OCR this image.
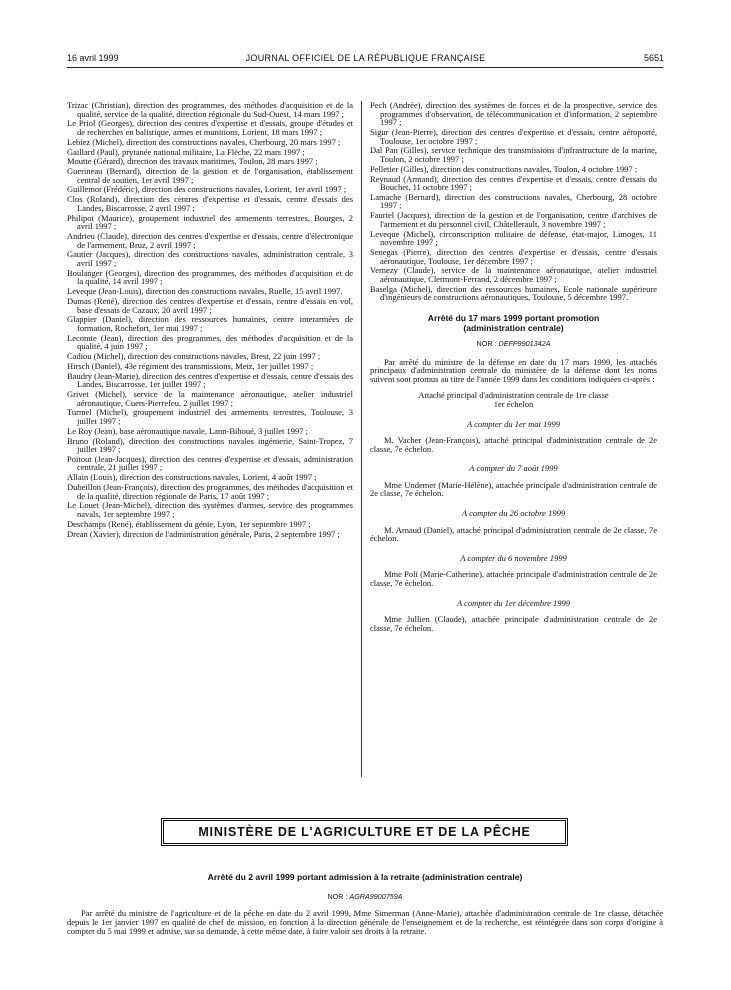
16 avril 1999	JOURNAL OFFICIEL DE LA RÉPUBLIQUE FRANÇAISE	5651

Trizac (Christian), direction des programmes, des méthodes d'acquisition et de la qualité, service de la qualité, direction régionale du Sud-Ouest, 14 mars 1997 ;

Le Priol (Georges), direction des centres d'expertise et d'essais, groupe d'études et de recherches en balistique, armes et munitions, Lorient, 18 mars 1997 ;

Lebiez (Michel), direction des constructions navales, Cherbourg, 20 mars 1997 ;

Gaillard (Paul), prytanée national militaire, La Flèche, 22 mars 1997 ;

Moutte (Gérard), direction des travaux maritimes, Toulon, 28 mars 1997 ;

Guerineau (Bernard), direction de la gestion et de l'organisation, établissement central de soutien, 1er avril 1997 ;

Guillemot (Frédéric), direction des constructions navales, Lorient, 1er avril 1997 ;

Clos (Roland), direction des centres d'expertise et d'essais, centre d'essais des Landes, Biscarrosse, 2 avril 1997 ;

Philipot (Maurice), groupement industriel des armements terrestres, Bourges, 2 avril 1997 ;

Andrieu (Claude), direction des centres d'expertise et d'essais, centre d'électronique de l'armement, Bruz, 2 avril 1997 ;

Gautier (Jacques), direction des constructions navales, administration centrale, 3 avril 1997 ;

Boulanger (Georges), direction des programmes, des méthodes d'acquisition et de la qualité, 14 avril 1997 ;

Leveque (Jean-Louis), direction des constructions navales, Ruelle, 15 avril 1997.

Dumas (René), direction des centres d'expertise et d'essais, centre d'essais en vol, base d'essais de Cazaux, 20 avril 1997 ;

Glappier (Daniel), direction des ressources humaines, centre interarmées de formation, Rochefort, 1er mai 1997 ;

Lecomte (Jean), direction des programmes, des méthodes d'acquisition et de la qualité, 4 juin 1997 ;

Cadiou (Michel), direction des constructions navales, Brest, 22 juin 1997 ;

Hirsch (Daniel), 43e régiment des transmissions, Metz, 1er juillet 1997 ;

Baudry (Jean-Marie), direction des centres d'expertise et d'essais, centre d'essais des Landes, Biscarrosse, 1er juillet 1997 ;

Grivet (Michel), service de la maintenance aéronautique, atelier industriel aéronautique, Cuers-Pierrefeu, 2 juillet 1997 ;

Turmel (Michel), groupement industriel des armements terrestres, Toulouse, 3 juillet 1997 ;

Le Roy (Jean), base aéronautique navale, Lann-Bihoué, 3 juillet 1997 ;

Bruno (Roland), direction des constructions navales ingénierie, Saint-Tropez, 7 juillet 1997 ;

Poitout (Jean-Jacques), direction des centres d'expertise et d'essais, administration centrale, 21 juillet 1997 ;

Allain (Louis), direction des constructions navales, Lorient, 4 août 1997 ;

Dubeillon (Jean-François), direction des programmes, des méthodes d'acquisition et de la qualité, direction régionale de Paris, 17 août 1997 ;

Le Louet (Jean-Michel), direction des systèmes d'armes, service des programmes navals, 1er septembre 1997 ;

Deschamps (René), établissement du génie, Lyon, 1er septembre 1997 ;

Drean (Xavier), direction de l'administration générale, Paris, 2 septembre 1997 ;

Pech (Andrée), direction des systèmes de forces et de la prospective, service des programmes d'observation, de télécommunication et d'information, 2 septembre 1997 ;

Sigur (Jean-Pierre), direction des centres d'expertise et d'essais, centre aéroporté, Toulouse, 1er octobre 1997 ;

Dal Pan (Gilles), service technique des transmissions d'infrastructure de la marine, Toulon, 2 octobre 1997 ;

Pelletier (Gilles), direction des constructions navales, Toulon, 4 octobre 1997 ;

Reynaud (Armand), direction des centres d'expertise et d'essais, centre d'essais du Bouchet, 11 octobre 1997 ;

Lamache (Bernard), direction des constructions navales, Cherbourg, 28 octobre 1997 ;

Fauriel (Jacques), direction de la gestion et de l'organisation, centre d'archives de l'armement et du personnel civil, Châtellerault, 3 novembre 1997 ;

Leveque (Michel), circonscription militaire de défense, état-major, Limoges, 11 novembre 1997 ;

Senegas (Pierre), direction des centres d'expertise et d'essais, centre d'essais aéronautique, Toulouse, 1er décembre 1997 ;

Vernezy (Claude), service de la maintenance aéronautique, atelier industriel aéronautique, Clermont-Ferrand, 2 décembre 1997 ;

Baselga (Michel), direction des ressources humaines, Ecole nationale supérieure d'ingénieurs de constructions aéronautiques, Toulouse, 5 décembre 1997.

Arrêté du 17 mars 1999 portant promotion
(administration centrale)
NOR : DEFP9901342A
Par arrêté du ministre de la défense en date du 17 mars 1999, les attachés principaux d'administration centrale du ministère de la défense dont les noms suivent sont promus au titre de l'année 1999 dans les conditions indiquées ci-après :
Attaché principal d'administration centrale de 1re classe
1er échelon
A compter du 1er mai 1999
M. Vacher (Jean-François), attaché principal d'administration centrale de 2e classe, 7e échelon.
A compter du 7 août 1999
Mme Undemer (Marie-Hélène), attachée principale d'administration centrale de 2e classe, 7e échelon.
A compter du 26 octobre 1999
M. Arnaud (Daniel), attaché principal d'administration centrale de 2e classe, 7e échelon.
A compter du 6 novembre 1999
Mme Poli (Marie-Catherine), attachée principale d'administration centrale de 2e classe, 7e échelon.
A compter du 1er décembre 1999
Mme Jullien (Claude), attachée principale d'administration centrale de 2e classe, 7e échelon.
MINISTÈRE DE L'AGRICULTURE ET DE LA PÊCHE
Arrêté du 2 avril 1999 portant admission à la retraite (administration centrale)
NOR : AGRA9900759A
Par arrêté du ministre de l'agriculture et de la pêche en date du 2 avril 1999, Mme Simerman (Anne-Marie), attachée d'administration centrale de 1re classe, détachée depuis le 1er janvier 1997 en qualité de chef de mission, en fonction à la direction générale de l'enseignement et de la recherche, est réintégrée dans son corps d'origine à compter du 5 mai 1999 et admise, sur sa demande, à cette même date, à faire valoir ses droits à la retraite.
